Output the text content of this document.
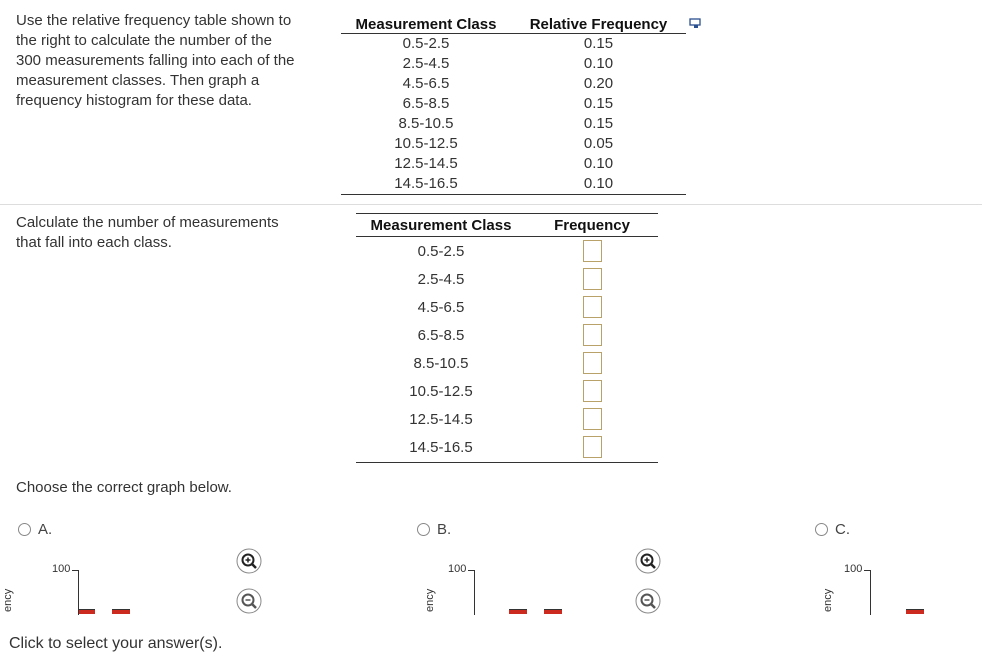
Use the relative frequency table shown to
the right to calculate the number of the
300 measurements falling into each of the
measurement classes. Then graph a
frequency histogram for these data.
Measurement Class	Relative Frequency
0.5-2.5	0.15
2.5-4.5	0.10
4.5-6.5	0.20
6.5-8.5	0.15
8.5-10.5	0.15
10.5-12.5	0.05
12.5-14.5	0.10
14.5-16.5	0.10
Calculate the number of measurements
that fall into each class.
Measurement Class	Frequency
0.5-2.5
2.5-4.5
4.5-6.5
6.5-8.5
8.5-10.5
10.5-12.5
12.5-14.5
14.5-16.5
Choose the correct graph below.
A.
ency
100
B.
ency
100
C.
ency
100
Click to select your answer(s).
